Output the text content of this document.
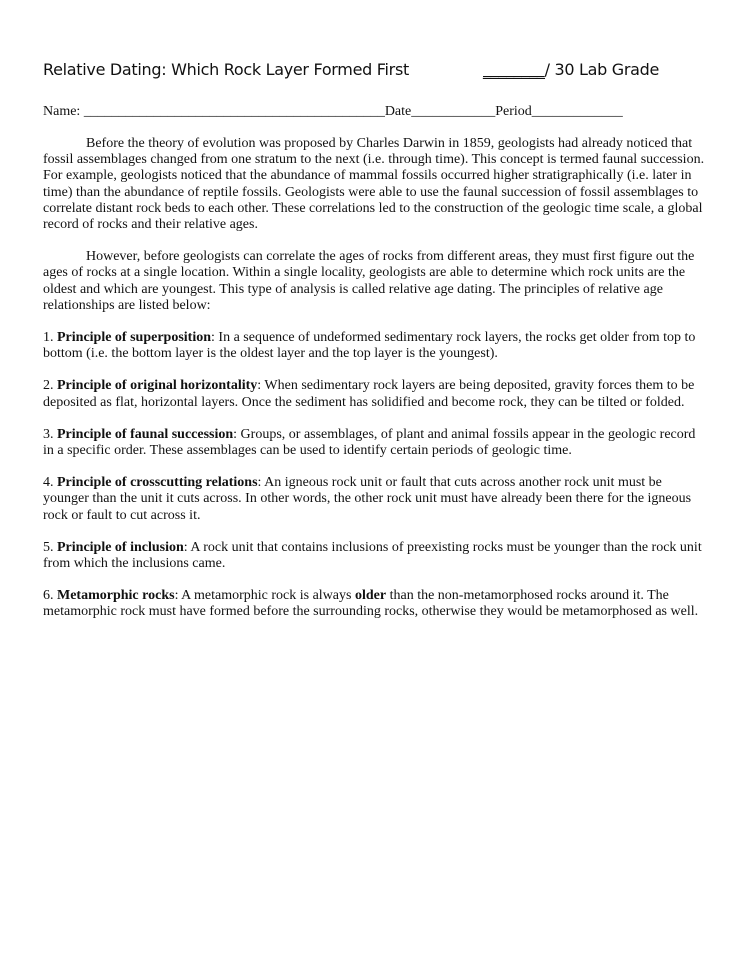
Relative Dating: Which Rock Layer Formed First	________/ 30 Lab Grade
Name: ___________________________________________Date____________Period_____________

Before the theory of evolution was proposed by Charles Darwin in 1859, geologists had already noticed that fossil assemblages changed from one stratum to the next (i.e. through time). This concept is termed faunal succession. For example, geologists noticed that the abundance of mammal fossils occurred higher stratigraphically (i.e. later in time) than the abundance of reptile fossils. Geologists were able to use the faunal succession of fossil assemblages to correlate distant rock beds to each other. These correlations led to the construction of the geologic time scale, a global record of rocks and their relative ages.

However, before geologists can correlate the ages of rocks from different areas, they must first figure out the ages of rocks at a single location. Within a single locality, geologists are able to determine which rock units are the oldest and which are youngest. This type of analysis is called relative age dating. The principles of relative age relationships are listed below:

1. Principle of superposition: In a sequence of undeformed sedimentary rock layers, the rocks get older from top to bottom (i.e. the bottom layer is the oldest layer and the top layer is the youngest).

2. Principle of original horizontality: When sedimentary rock layers are being deposited, gravity forces them to be deposited as flat, horizontal layers. Once the sediment has solidified and become rock, they can be tilted or folded.

3. Principle of faunal succession: Groups, or assemblages, of plant and animal fossils appear in the geologic record in a specific order. These assemblages can be used to identify certain periods of geologic time.

4. Principle of crosscutting relations: An igneous rock unit or fault that cuts across another rock unit must be younger than the unit it cuts across. In other words, the other rock unit must have already been there for the igneous rock or fault to cut across it.

5. Principle of inclusion: A rock unit that contains inclusions of preexisting rocks must be younger than the rock unit from which the inclusions came.

6. Metamorphic rocks: A metamorphic rock is always older than the non-metamorphosed rocks around it. The metamorphic rock must have formed before the surrounding rocks, otherwise they would be metamorphosed as well.
